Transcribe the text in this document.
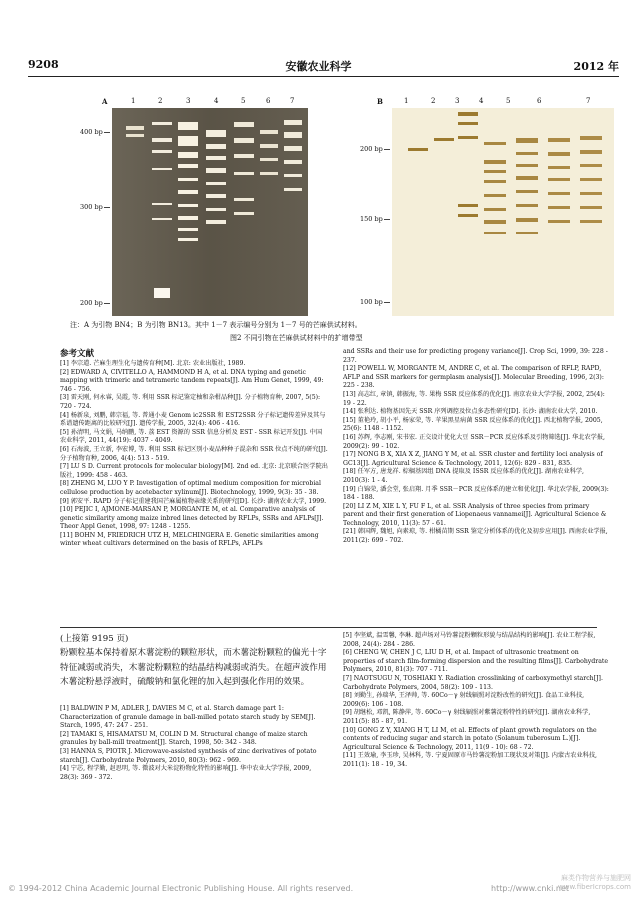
9208	安徽农业科学	2012 年
1	2	3	4	5	6	7
A
400 bp
300 bp
200 bp
1	2	3	4	5	6	7
B
200 bp
150 bp
100 bp
注：A 为引物 BN4；B 为引物 BN13。其中 1－7 表示编号分别为 1－7 号的芒麻供试材料。
图2 不同引物在芒麻供试材料中的扩增带型
参考文献

[1] 李宗道. 芒麻生理生化与遗传育种[M]. 北京: 农业出版社, 1989.

[2] EDWARD A, CIVITELLO A, HAMMOND H A, et al. DNA typing and genetic mapping with trimeric and tetrameric tandem repeats[J]. Am Hum Genet, 1999, 49: 746 - 756.

[3] 雷天刚, 何永睿, 吴霞, 等. 利用 SSR 标记鉴定柚和杂柑品种[J]. 分子植物育种, 2007, 5(5): 720 - 724.

[4] 杨新泉, 刘鹏, 韩宗福, 等. 普通小麦 Genom ic2SSR 和 EST2SSR 分子标记遗传差异及其与系谱遗传距离的比较研究[J]. 遗传学报, 2005, 32(4): 406 - 416.

[5] 孙清明, 马文娟, 马纳鹏, 等. 荔 EST 资源的 SSR 信息分析及 EST - SSR 标记开发[J]. 中国农业科学, 2011, 44(19): 4037 - 4049.

[6] 石海波, 王立新, 李宏博, 等. 利用 SSR 标记区别小麦品种种子混杂和 SSR 位点不纯的研究[J]. 分子植物育种, 2006, 4(4): 513 - 519.

[7] LU S D. Current protocols for molecular biology[M]. 2nd ed. 北京: 北京联合医学院出版社, 1999: 458 - 463.

[8] ZHENG M, LUO Y P. Investigation of optimal medium composition for microbial cellulose production by acetebacter xylinum[J]. Biotechnology, 1999, 9(3): 35 - 38.

[9] 郭安平. RAPD 分子标记重建我国芒麻属植物亲缘关系的研究[D]. 长沙: 湖南农业大学, 1999.

[10] PEJIC I, AJMONE-MARSAN P, MORGANTE M, et al. Comparative analysis of genetic similarity among maize inbred lines detected by RFLPs, SSRs and AFLPs[J]. Theor Appl Genet, 1998, 97: 1248 - 1255.

[11] BOHN M, FRIEDRICH UTZ H, MELCHINGERA E. Genetic similarities among winter wheat cultivars determined on the basis of RFLPs, AFLPs

and SSRs and their use for predicting progeny variance[J]. Crop Sci, 1999, 39: 228 - 237.

[12] POWELL W, MORGANTE M, ANDRE C, et al. The comparison of RFLP, RAPD, AFLP and SSR markers for germplasm analysis[J]. Molecular Breeding, 1996, 2(3): 225 - 238.

[13] 高志红, 章镇, 韩振海, 等. 果梅 SSR 反应体系的优化[J]. 南京农业大学学报, 2002, 25(4): 19 - 22.

[14] 张利达. 植物基因先天 SSR 序列调控及位点多态性研究[D]. 长沙: 湖南农业大学, 2010.

[15] 董艳玲, 胡小平, 杨家荣, 等. 苹果黑星病菌 SSR 反应体系的优化[J]. 西北植物学报, 2005, 25(6): 1148 - 1152.

[16] 苏辉, 李志刚, 宋书宏. 正交设计优化大豆 SSR－PCR 反应体系及引物筛选[J]. 华北农学报, 2009(2): 99 - 102.

[17] NONG B X, XIA X Z, JIANG Y M, et al. SSR cluster and fertility loci analysis of GC13[J]. Agricultural Science & Technology, 2011, 12(6): 829 - 831, 835.

[18] 任军方, 唐龙祥. 棕榈基因组 DNA 提取及 ISSR 反应体系的优化[J]. 湖南农业科学, 2010(3): 1 - 4.

[19] 白锦荣, 潘会堂, 张启翔. 月季 SSR－PCR 反应体系的建立和优化[J]. 华北农学报, 2009(3): 184 - 188.

[20] LI Z M, XIE L Y, FU F L, et al. SSR Analysis of three species from primary parent and their first generation of Liopenaeus vannamei[J]. Agricultural Science & Technology, 2010, 11(3): 57 - 61.

[21] 韩国辉, 魏旭, 向素琼, 等. 柑橘苗期 SSR 鉴定分析体系的优化及初步应用[J]. 西南农业学报, 2011(2): 699 - 702.

(上接第 9195 页)
粉颗粒基本保持着原木薯淀粉的颗粒形状，而木薯淀粉颗粒的偏光十字特征减弱或消失，木薯淀粉颗粒的结晶结构减弱或消失。在超声波作用木薯淀粉悬浮液时，硫酸钠和氯化锂的加入起到强化作用的效果。

[1] BALDWIN P M, ADLER J, DAVIES M C, et al. Starch damage part 1: Characterization of granule damage in ball-milled potato starch study by SEM[J]. Starch, 1995, 47: 247 - 251.

[2] TAMAKI S, HISAMATSU M, COLIN D M. Structural change of maize starch granules by ball-mill treatment[J]. Starch, 1998, 50: 342 - 348.

[3] HANNA S, PIOTR J. Microwave-assisted synthesis of zinc derivatives of potato starch[J]. Carbohydrate Polymers, 2010, 80(3): 962 - 969.

[4] 宁芯, 程学勤, 赵思明, 等. 微波对大米淀粉物化特性的影响[J]. 华中农业大学学报, 2009, 28(3): 369 - 372.

[5] 李坚斌, 温雪馨, 李琳. 超声场对马铃薯淀粉颗粒形貌与结晶结构的影响[J]. 农业工程学报, 2008, 24(4): 284 - 286.

[6] CHENG W, CHEN J C, LIU D H, et al. Impact of ultrasonic treatment on properties of starch film-forming dispersion and the resulting films[J]. Carbohydrate Polymers, 2010, 81(3): 707 - 711.

[7] NAOTSUGU N, TOSHIAKI Y. Radiation crosslinking of carboxymethyl starch[J]. Carbohydrate Polymers, 2004, 58(2): 109 - 113.

[8] 刘勤生, 孙瑞华, 王泽帅, 等. 60Co－γ 射线辐照对淀粉改性的研究[J]. 食品工业科技, 2009(6): 106 - 108.

[9] 胡继松, 邓凯, 陈静萍, 等. 60Co－γ 射线辐照对紫薯淀粉特性的研究[J]. 湖南农业科学, 2011(5): 85 - 87, 91.

[10] GONG Z Y, XIANG H T, LI M, et al. Effects of plant growth regulators on the contents of reducing sugar and starch in potato (Solanum tuberosum L.)[J]. Agricultural Science & Technology, 2011, 11(9 - 10): 68 - 72.

[11] 王效瑜, 李玉珍, 吴林科, 等. 宁夏固原市马铃薯淀粉加工现状及对策[J]. 内蒙古农业科技, 2011(1): 18 - 19, 34.

© 1994-2012 China Academic Journal Electronic Publishing House. All rights reserved.	http://www.cnki.net
麻类作物营养与施肥网
www.fiberIcrops.com
